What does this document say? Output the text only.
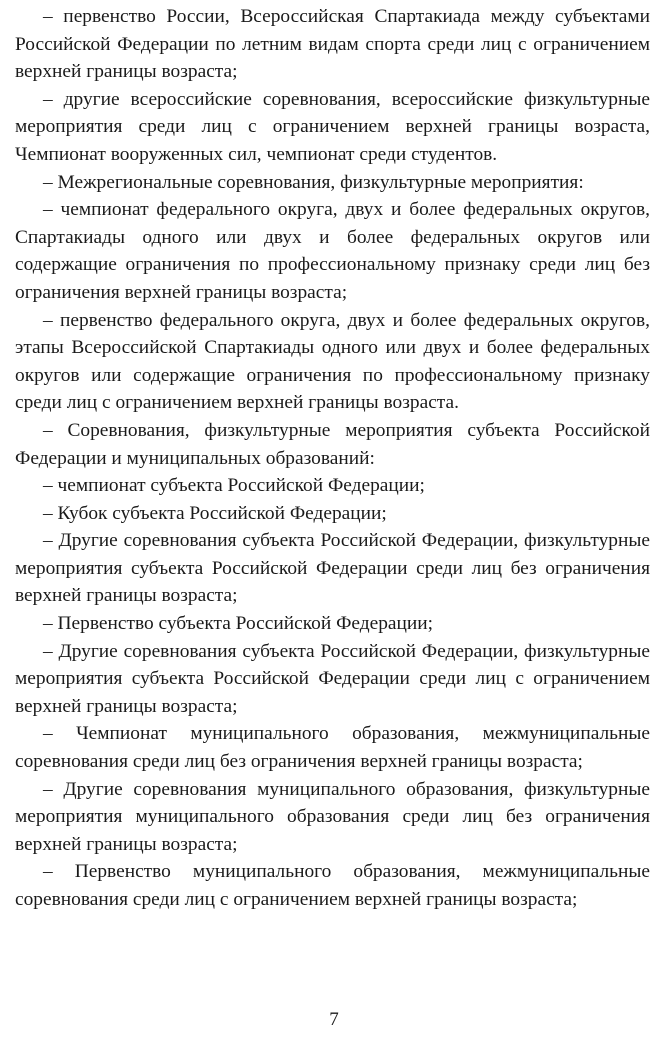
– первенство России, Всероссийская Спартакиада между субъектами Российской Федерации по летним видам спорта среди лиц с ограничением верхней границы возраста;

– другие всероссийские соревнования, всероссийские физкультурные мероприятия среди лиц с ограничением верхней границы возраста, Чемпионат вооруженных сил, чемпионат среди студентов.

– Межрегиональные соревнования, физкультурные мероприятия:

– чемпионат федерального округа, двух и более федеральных округов, Спартакиады одного или двух и более федеральных округов или содержащие ограничения по профессиональному признаку среди лиц без ограничения верхней границы возраста;

– первенство федерального округа, двух и более федеральных округов, этапы Всероссийской Спартакиады одного или двух и более федеральных округов или содержащие ограничения по профессиональному признаку среди лиц с ограничением верхней границы возраста.

– Соревнования, физкультурные мероприятия субъекта Российской Федерации и муниципальных образований:

– чемпионат субъекта Российской Федерации;

– Кубок субъекта Российской Федерации;

– Другие соревнования субъекта Российской Федерации, физкультурные мероприятия субъекта Российской Федерации среди лиц без ограничения верхней границы возраста;

– Первенство субъекта Российской Федерации;

– Другие соревнования субъекта Российской Федерации, физкультурные мероприятия субъекта Российской Федерации среди лиц с ограничением верхней границы возраста;

– Чемпионат муниципального образования, межмуниципальные соревнования среди лиц без ограничения верхней границы возраста;

– Другие соревнования муниципального образования, физкультурные мероприятия муниципального образования среди лиц без ограничения верхней границы возраста;

– Первенство муниципального образования, межмуниципальные соревнования среди лиц с ограничением верхней границы возраста;

7
